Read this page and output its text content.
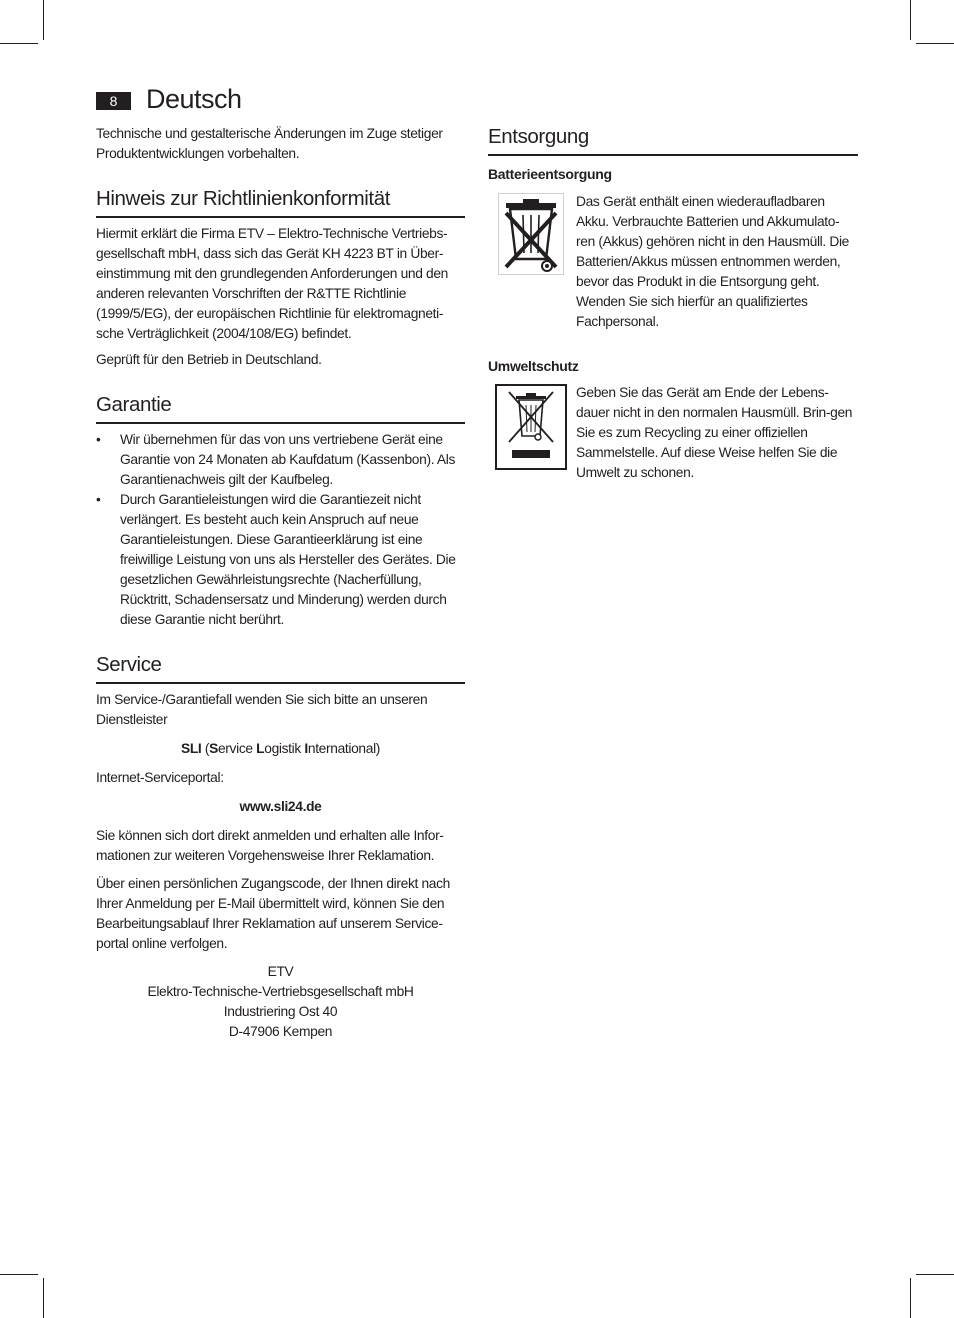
8	Deutsch

Technische und gestalterische Änderungen im Zuge stetiger Produktentwicklungen vorbehalten.

Hinweis zur Richtlinienkonformität

Hiermit erklärt die Firma ETV – Elektro-Technische Vertriebs-gesellschaft mbH, dass sich das Gerät KH 4223 BT in Über-einstimmung mit den grundlegenden Anforderungen und den anderen relevanten Vorschriften der R&TTE Richtlinie (1999/5/EG), der europäischen Richtlinie für elektromagneti-sche Verträglichkeit (2004/108/EG) befindet.

Geprüft für den Betrieb in Deutschland.

Garantie
• Wir übernehmen für das von uns vertriebene Gerät eine Garantie von 24 Monaten ab Kaufdatum (Kassenbon). Als Garantienachweis gilt der Kaufbeleg.
• Durch Garantieleistungen wird die Garantiezeit nicht verlängert. Es besteht auch kein Anspruch auf neue Garantieleistungen. Diese Garantieerklärung ist eine freiwillige Leistung von uns als Hersteller des Gerätes. Die gesetzlichen Gewährleistungsrechte (Nacherfüllung, Rücktritt, Schadensersatz und Minderung) werden durch diese Garantie nicht berührt.
Service

Im Service-/Garantiefall wenden Sie sich bitte an unseren Dienstleister

SLI (Service Logistik International)

Internet-Serviceportal:

www.sli24.de

Sie können sich dort direkt anmelden und erhalten alle Infor-mationen zur weiteren Vorgehensweise Ihrer Reklamation.

Über einen persönlichen Zugangscode, der Ihnen direkt nach Ihrer Anmeldung per E-Mail übermittelt wird, können Sie den Bearbeitungsablauf Ihrer Reklamation auf unserem Service-portal online verfolgen.

ETV

Elektro-Technische-Vertriebsgesellschaft mbH

Industriering Ost 40

D-47906 Kempen

Entsorgung
Batterieentsorgung

Das Gerät enthält einen wiederaufladbaren Akku. Verbrauchte Batterien und Akkumulato-ren (Akkus) gehören nicht in den Hausmüll. Die Batterien/Akkus müssen entnommen werden, bevor das Produkt in die Entsorgung geht. Wenden Sie sich hierfür an qualifiziertes Fachpersonal.

Umweltschutz

Geben Sie das Gerät am Ende der Lebens-dauer nicht in den normalen Hausmüll. Brin-gen Sie es zum Recycling zu einer offiziellen Sammelstelle. Auf diese Weise helfen Sie die Umwelt zu schonen.
